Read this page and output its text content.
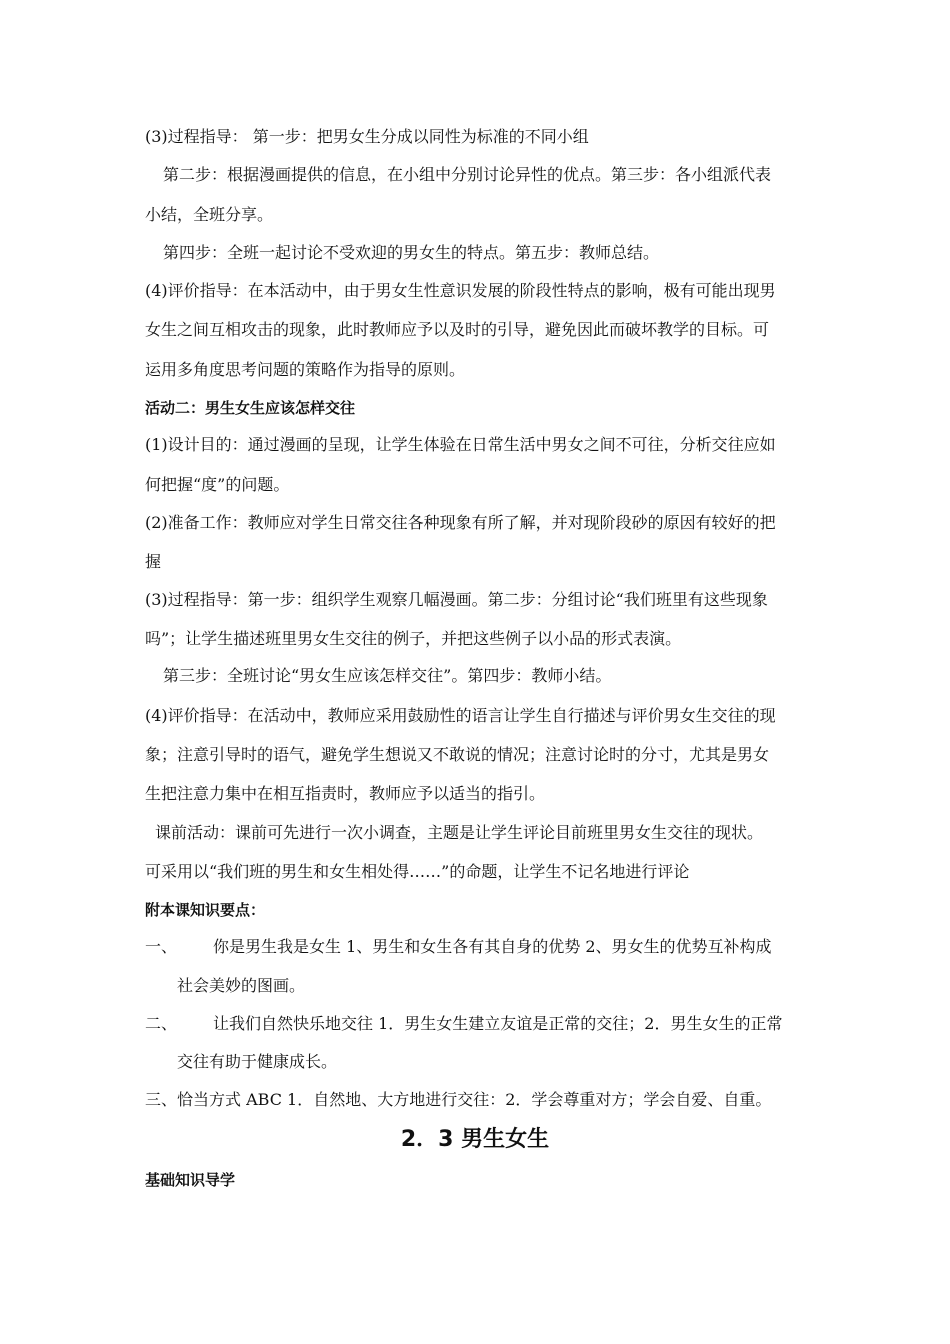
(3)过程指导： 第一步：把男女生分成以同性为标准的不同小组
第二步：根据漫画提供的信息，在小组中分别讨论异性的优点。第三步：各小组派代表
小结，全班分享。
第四步：全班一起讨论不受欢迎的男女生的特点。第五步：教师总结。
(4)评价指导：在本活动中，由于男女生性意识发展的阶段性特点的影响，极有可能出现男
女生之间互相攻击的现象，此时教师应予以及时的引导，避免因此而破坏教学的目标。可
运用多角度思考问题的策略作为指导的原则。
活动二：男生女生应该怎样交往
(1)设计目的：通过漫画的呈现，让学生体验在日常生活中男女之间不可往，分析交往应如
何把握“度”的问题。
(2)准备工作：教师应对学生日常交往各种现象有所了解，并对现阶段砂的原因有较好的把
握
(3)过程指导：第一步：组织学生观察几幅漫画。第二步：分组讨论“我们班里有这些现象
吗”；让学生描述班里男女生交往的例子，并把这些例子以小品的形式表演。
第三步：全班讨论“男女生应该怎样交往”。第四步：教师小结。
(4)评价指导：在活动中，教师应采用鼓励性的语言让学生自行描述与评价男女生交往的现
象；注意引导时的语气，避免学生想说又不敢说的情况；注意讨论时的分寸，尤其是男女
生把注意力集中在相互指责时，教师应予以适当的指引。
课前活动：课前可先进行一次小调查，主题是让学生评论目前班里男女生交往的现状。
可采用以“我们班的男生和女生相处得……”的命题，让学生不记名地进行评论
附本课知识要点：
一、 你是男生我是女生 1、男生和女生各有其自身的优势 2、男女生的优势互补构成
社会美妙的图画。
二、 让我们自然快乐地交往 1．男生女生建立友谊是正常的交往；2．男生女生的正常
交往有助于健康成长。
三、恰当方式 ABC 1．自然地、大方地进行交往：2．学会尊重对方；学会自爱、自重。
2．3 男生女生
基础知识导学
